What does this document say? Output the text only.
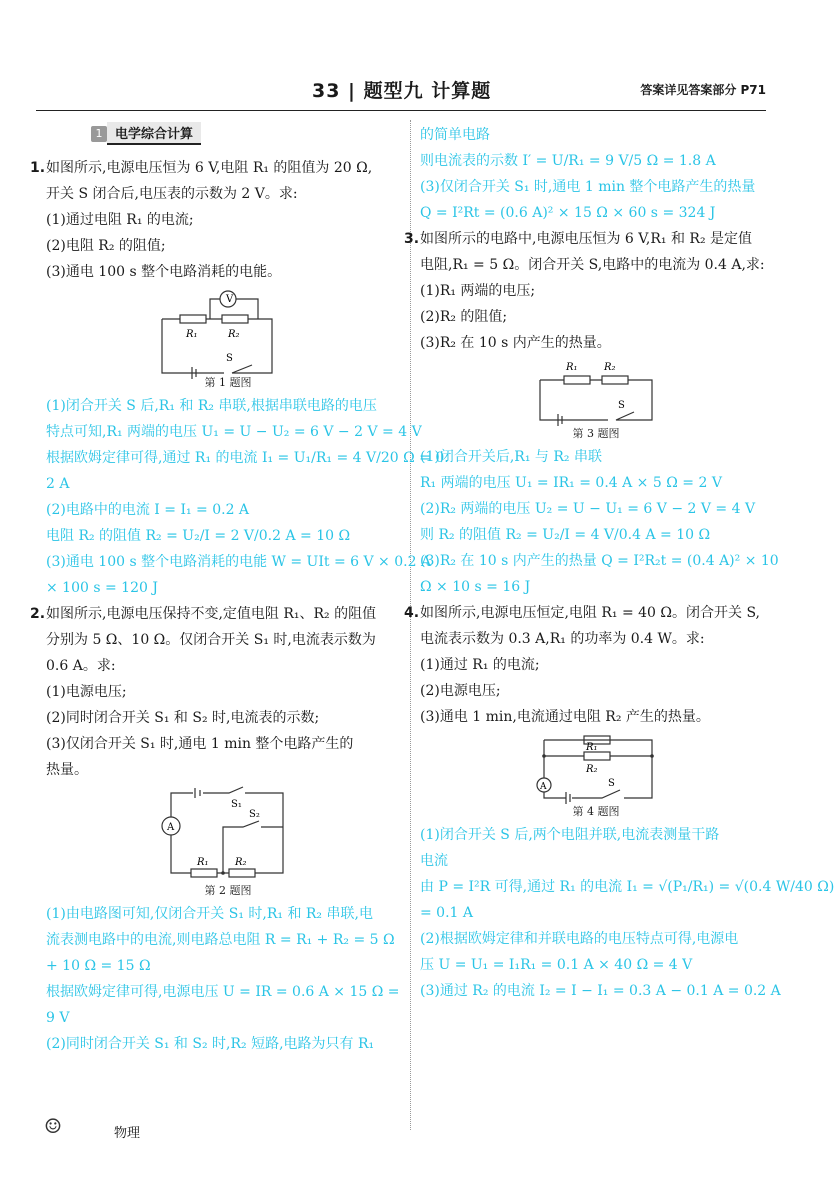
33 | 题型九 计算题	答案详见答案部分 P71
1 电学综合计算
1. 如图所示,电源电压恒为 6 V,电阻 R₁ 的阻值为 20 Ω,
开关 S 闭合后,电压表的示数为 2 V。求:
(1)通过电阻 R₁ 的电流;
(2)电阻 R₂ 的阻值;
(3)通电 100 s 整个电路消耗的电能。
V
R₁	R₂
S
第 1 题图
(1)闭合开关 S 后,R₁ 和 R₂ 串联,根据串联电路的电压
特点可知,R₁ 两端的电压 U₁ = U − U₂ = 6 V − 2 V = 4 V
根据欧姆定律可得,通过 R₁ 的电流 I₁ = U₁/R₁ = 4 V/20 Ω = 0.
2 A
(2)电路中的电流 I = I₁ = 0.2 A
电阻 R₂ 的阻值 R₂ = U₂/I = 2 V/0.2 A = 10 Ω
(3)通电 100 s 整个电路消耗的电能 W = UIt = 6 V × 0.2 A
× 100 s = 120 J
2. 如图所示,电源电压保持不变,定值电阻 R₁、R₂ 的阻值
分别为 5 Ω、10 Ω。仅闭合开关 S₁ 时,电流表示数为
0.6 A。求:
(1)电源电压;
(2)同时闭合开关 S₁ 和 S₂ 时,电流表的示数;
(3)仅闭合开关 S₁ 时,通电 1 min 整个电路产生的
热量。
A
S₁
S₂
R₁	R₂
第 2 题图
(1)由电路图可知,仅闭合开关 S₁ 时,R₁ 和 R₂ 串联,电
流表测电路中的电流,则电路总电阻 R = R₁ + R₂ = 5 Ω
+ 10 Ω = 15 Ω
根据欧姆定律可得,电源电压 U = IR = 0.6 A × 15 Ω =
9 V
(2)同时闭合开关 S₁ 和 S₂ 时,R₂ 短路,电路为只有 R₁
的简单电路
则电流表的示数 I′ = U/R₁ = 9 V/5 Ω = 1.8 A
(3)仅闭合开关 S₁ 时,通电 1 min 整个电路产生的热量
Q = I²Rt = (0.6 A)² × 15 Ω × 60 s = 324 J
3. 如图所示的电路中,电源电压恒为 6 V,R₁ 和 R₂ 是定值
电阻,R₁ = 5 Ω。闭合开关 S,电路中的电流为 0.4 A,求:
(1)R₁ 两端的电压;
(2)R₂ 的阻值;
(3)R₂ 在 10 s 内产生的热量。
R₁	R₂
S
第 3 题图
(1)闭合开关后,R₁ 与 R₂ 串联
R₁ 两端的电压 U₁ = IR₁ = 0.4 A × 5 Ω = 2 V
(2)R₂ 两端的电压 U₂ = U − U₁ = 6 V − 2 V = 4 V
则 R₂ 的阻值 R₂ = U₂/I = 4 V/0.4 A = 10 Ω
(3)R₂ 在 10 s 内产生的热量 Q = I²R₂t = (0.4 A)² × 10
Ω × 10 s = 16 J
4. 如图所示,电源电压恒定,电阻 R₁ = 40 Ω。闭合开关 S,
电流表示数为 0.3 A,R₁ 的功率为 0.4 W。求:
(1)通过 R₁ 的电流;
(2)电源电压;
(3)通电 1 min,电流通过电阻 R₂ 产生的热量。
A
R₁
R₂
S
第 4 题图
(1)闭合开关 S 后,两个电阻并联,电流表测量干路
电流
由 P = I²R 可得,通过 R₁ 的电流 I₁ = √(P₁/R₁) = √(0.4 W/40 Ω)
= 0.1 A
(2)根据欧姆定律和并联电路的电压特点可得,电源电
压 U = U₁ = I₁R₁ = 0.1 A × 40 Ω = 4 V
(3)通过 R₂ 的电流 I₂ = I − I₁ = 0.3 A − 0.1 A = 0.2 A
☺	物理
